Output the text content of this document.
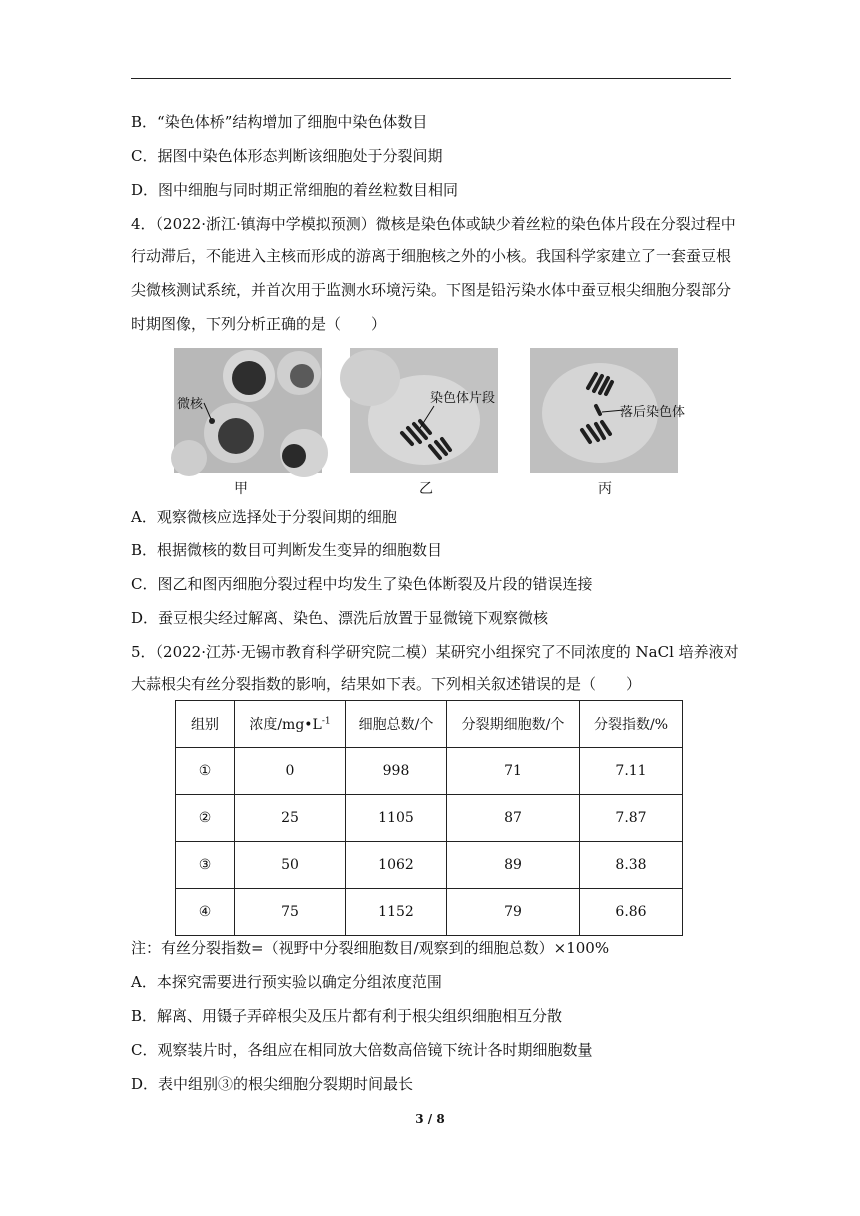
B．“染色体桥”结构增加了细胞中染色体数目
C．据图中染色体形态判断该细胞处于分裂间期
D．图中细胞与同时期正常细胞的着丝粒数目相同
4．（2022·浙江·镇海中学模拟预测）微核是染色体或缺少着丝粒的染色体片段在分裂过程中
行动滞后，不能进入主核而形成的游离于细胞核之外的小核。我国科学家建立了一套蚕豆根
尖微核测试系统，并首次用于监测水环境污染。下图是铅污染水体中蚕豆根尖细胞分裂部分
时期图像，下列分析正确的是（　　）
微核
甲
染色体片段
乙
落后染色体
丙
A．观察微核应选择处于分裂间期的细胞
B．根据微核的数目可判断发生变异的细胞数目
C．图乙和图丙细胞分裂过程中均发生了染色体断裂及片段的错误连接
D．蚕豆根尖经过解离、染色、漂洗后放置于显微镜下观察微核
5．（2022·江苏·无锡市教育科学研究院二模）某研究小组探究了不同浓度的 NaCl 培养液对
大蒜根尖有丝分裂指数的影响，结果如下表。下列相关叙述错误的是（　　）
组别	浓度$/mg•L^{-1}$	细胞总数/个	分裂期细胞数/个	分裂指数/%
①	0	998	71	7.11
②	25	1105	87	7.87
③	50	1062	89	8.38
④	75	1152	79	6.86
注：有丝分裂指数=（视野中分裂细胞数目/观察到的细胞总数）×100%
A．本探究需要进行预实验以确定分组浓度范围
B．解离、用镊子弄碎根尖及压片都有利于根尖组织细胞相互分散
C．观察装片时，各组应在相同放大倍数高倍镜下统计各时期细胞数量
D．表中组别③的根尖细胞分裂期时间最长
3 / 8
